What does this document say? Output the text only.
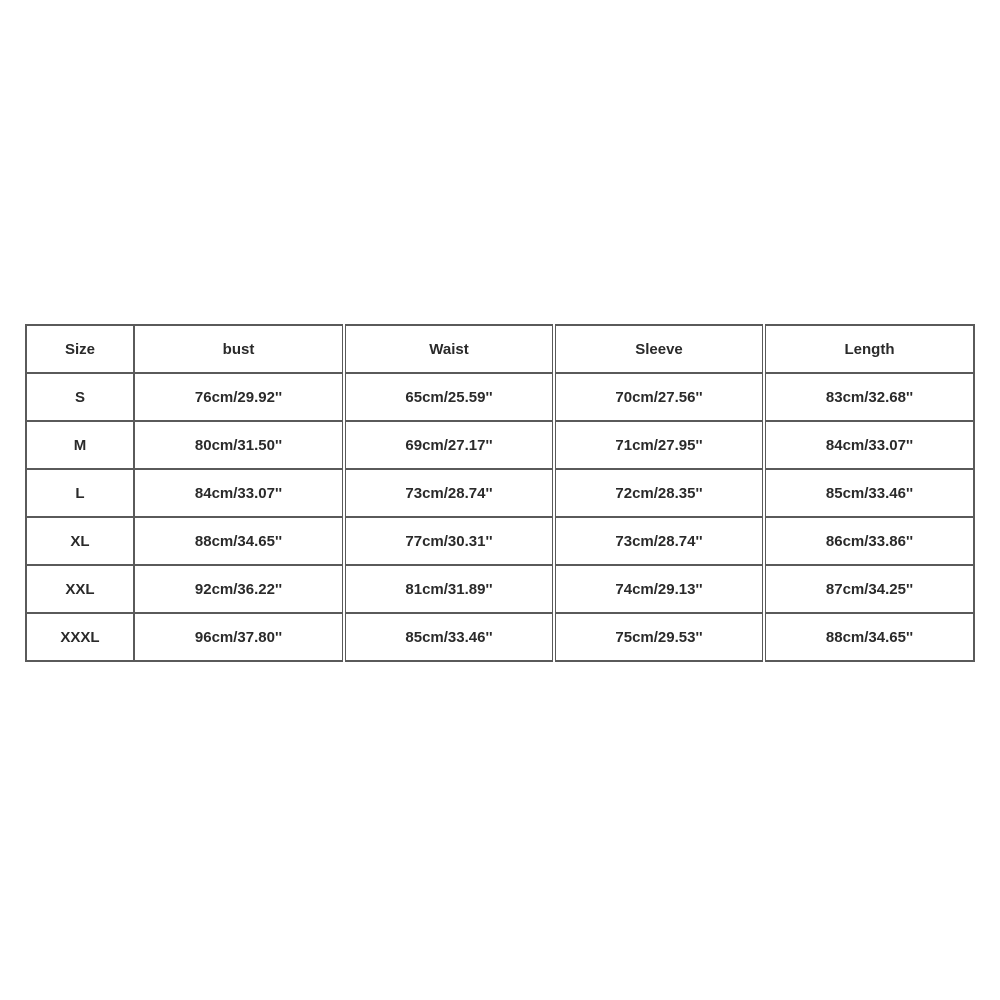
Size	bust	Waist	Sleeve	Length
S	76cm/29.92''	65cm/25.59''	70cm/27.56''	83cm/32.68''
M	80cm/31.50''	69cm/27.17''	71cm/27.95''	84cm/33.07''
L	84cm/33.07''	73cm/28.74''	72cm/28.35''	85cm/33.46''
XL	88cm/34.65''	77cm/30.31''	73cm/28.74''	86cm/33.86''
XXL	92cm/36.22''	81cm/31.89''	74cm/29.13''	87cm/34.25''
XXXL	96cm/37.80''	85cm/33.46''	75cm/29.53''	88cm/34.65''
